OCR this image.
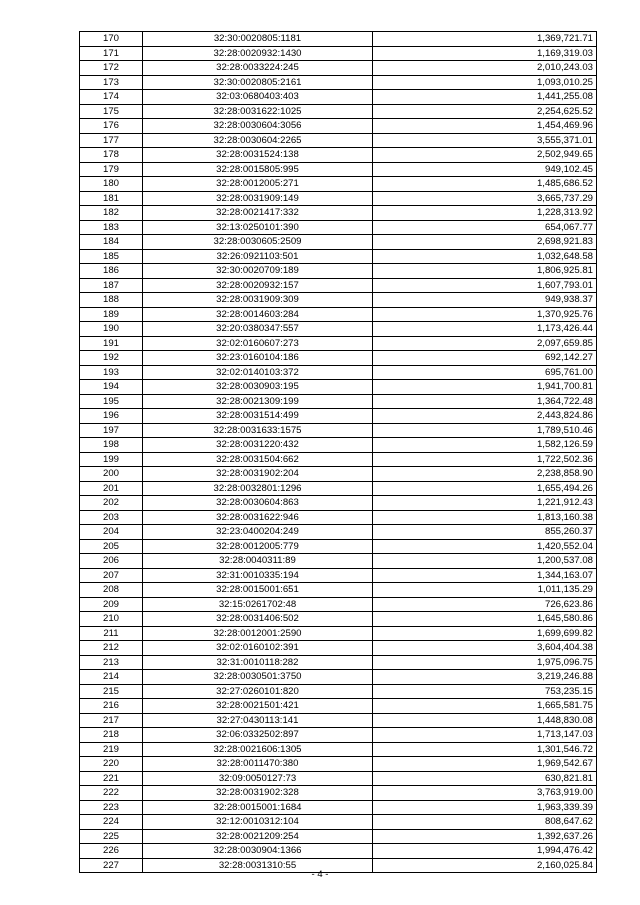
170	32:30:0020805:1181	1,369,721.71
171	32:28:0020932:1430	1,169,319.03
172	32:28:0033224:245	2,010,243.03
173	32:30:0020805:2161	1,093,010.25
174	32:03:0680403:403	1,441,255.08
175	32:28:0031622:1025	2,254,625.52
176	32:28:0030604:3056	1,454,469.96
177	32:28:0030604:2265	3,555,371.01
178	32:28:0031524:138	2,502,949.65
179	32:28:0015805:995	949,102.45
180	32:28:0012005:271	1,485,686.52
181	32:28:0031909:149	3,665,737.29
182	32:28:0021417:332	1,228,313.92
183	32:13:0250101:390	654,067.77
184	32:28:0030605:2509	2,698,921.83
185	32:26:0921103:501	1,032,648.58
186	32:30:0020709:189	1,806,925.81
187	32:28:0020932:157	1,607,793.01
188	32:28:0031909:309	949,938.37
189	32:28:0014603:284	1,370,925.76
190	32:20:0380347:557	1,173,426.44
191	32:02:0160607:273	2,097,659.85
192	32:23:0160104:186	692,142.27
193	32:02:0140103:372	695,761.00
194	32:28:0030903:195	1,941,700.81
195	32:28:0021309:199	1,364,722.48
196	32:28:0031514:499	2,443,824.86
197	32:28:0031633:1575	1,789,510.46
198	32:28:0031220:432	1,582,126.59
199	32:28:0031504:662	1,722,502.36
200	32:28:0031902:204	2,238,858.90
201	32:28:0032801:1296	1,655,494.26
202	32:28:0030604:863	1,221,912.43
203	32:28:0031622:946	1,813,160.38
204	32:23:0400204:249	855,260.37
205	32:28:0012005:779	1,420,552.04
206	32:28:0040311:89	1,200,537.08
207	32:31:0010335:194	1,344,163.07
208	32:28:0015001:651	1,011,135.29
209	32:15:0261702:48	726,623.86
210	32:28:0031406:502	1,645,580.86
211	32:28:0012001:2590	1,699,699.82
212	32:02:0160102:391	3,604,404.38
213	32:31:0010118:282	1,975,096.75
214	32:28:0030501:3750	3,219,246.88
215	32:27:0260101:820	753,235.15
216	32:28:0021501:421	1,665,581.75
217	32:27:0430113:141	1,448,830.08
218	32:06:0332502:897	1,713,147.03
219	32:28:0021606:1305	1,301,546.72
220	32:28:0011470:380	1,969,542.67
221	32:09:0050127:73	630,821.81
222	32:28:0031902:328	3,763,919.00
223	32:28:0015001:1684	1,963,339.39
224	32:12:0010312:104	808,647.62
225	32:28:0021209:254	1,392,637.26
226	32:28:0030904:1366	1,994,476.42
227	32:28:0031310:55	2,160,025.84
- 4 -
